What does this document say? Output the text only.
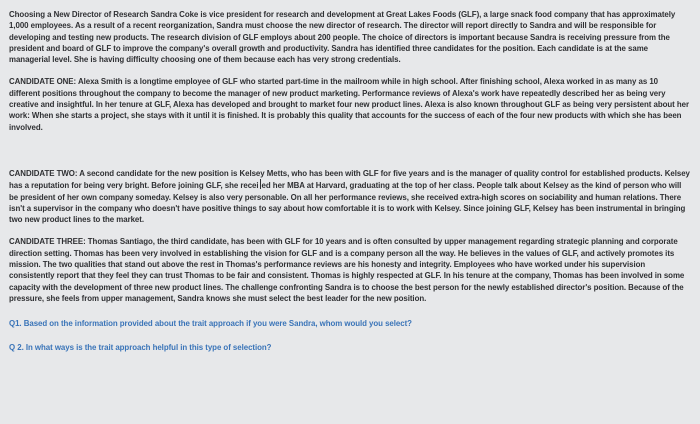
Choosing a New Director of Research Sandra Coke is vice president for research and development at Great Lakes Foods (GLF), a large snack food company that has approximately 1,000 employees. As a result of a recent reorganization, Sandra must choose the new director of research. The director will report directly to Sandra and will be responsible for developing and testing new products. The research division of GLF employs about 200 people. The choice of directors is important because Sandra is receiving pressure from the president and board of GLF to improve the company's overall growth and productivity. Sandra has identified three candidates for the position. Each candidate is at the same managerial level. She is having difficulty choosing one of them because each has very strong credentials.

CANDIDATE ONE: Alexa Smith is a longtime employee of GLF who started part-time in the mailroom while in high school. After finishing school, Alexa worked in as many as 10 different positions throughout the company to become the manager of new product marketing. Performance reviews of Alexa's work have repeatedly described her as being very creative and insightful. In her tenure at GLF, Alexa has developed and brought to market four new product lines. Alexa is also known throughout GLF as being very persistent about her work: When she starts a project, she stays with it until it is finished. It is probably this quality that accounts for the success of each of the four new products with which she has been involved.

CANDIDATE TWO: A second candidate for the new position is Kelsey Metts, who has been with GLF for five years and is the manager of quality control for established products. Kelsey has a reputation for being very bright. Before joining GLF, she recei ed her MBA at Harvard, graduating at the top of her class. People talk about Kelsey as the kind of person who will be president of her own company someday. Kelsey is also very personable. On all her performance reviews, she received extra-high scores on sociability and human relations. There isn't a supervisor in the company who doesn't have positive things to say about how comfortable it is to work with Kelsey. Since joining GLF, Kelsey has been instrumental in bringing two new product lines to the market.

CANDIDATE THREE: Thomas Santiago, the third candidate, has been with GLF for 10 years and is often consulted by upper management regarding strategic planning and corporate direction setting. Thomas has been very involved in establishing the vision for GLF and is a company person all the way. He believes in the values of GLF, and actively promotes its mission. The two qualities that stand out above the rest in Thomas's performance reviews are his honesty and integrity. Employees who have worked under his supervision consistently report that they feel they can trust Thomas to be fair and consistent. Thomas is highly respected at GLF. In his tenure at the company, Thomas has been involved in some capacity with the development of three new product lines. The challenge confronting Sandra is to choose the best person for the newly established director's position. Because of the pressure, she feels from upper management, Sandra knows she must select the best leader for the new position.

Q1. Based on the information provided about the trait approach if you were Sandra, whom would you select?

Q 2. In what ways is the trait approach helpful in this type of selection?
